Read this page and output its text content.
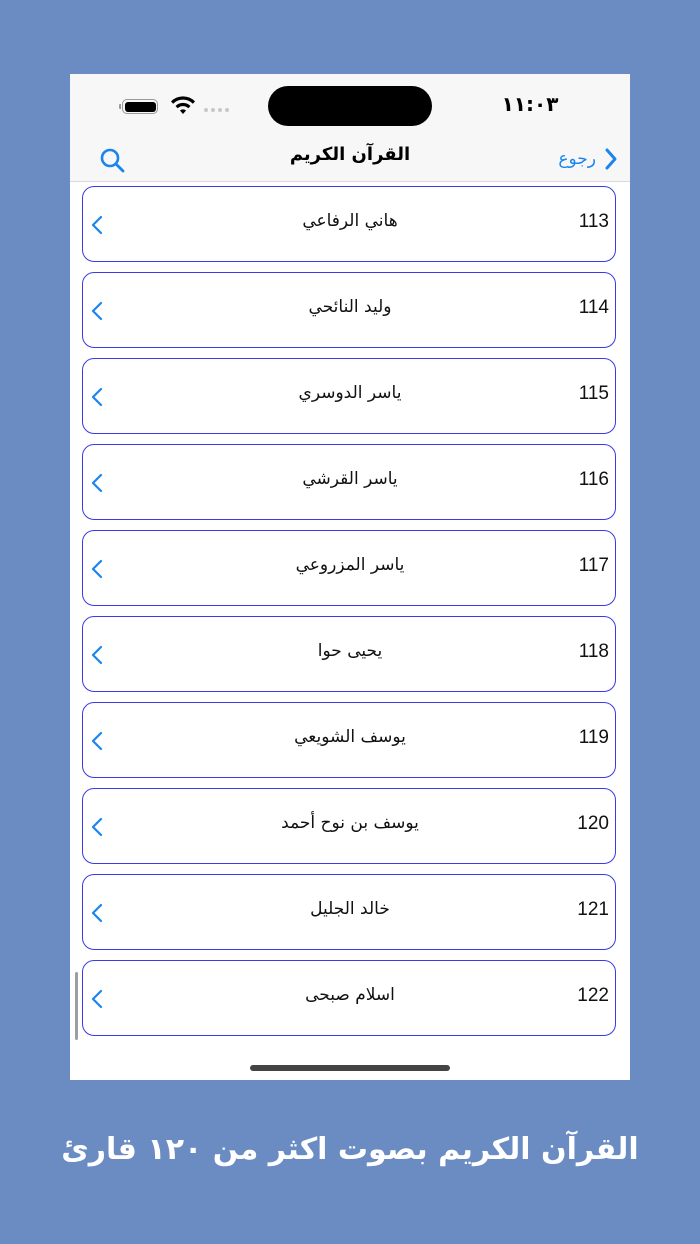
١١:٠٣
القرآن الكريم	رجوع
هاني الرفاعي	113
وليد النائحي	114
ياسر الدوسري	115
ياسر القرشي	116
ياسر المزروعي	117
يحيى حوا	118
يوسف الشويعي	119
يوسف بن نوح أحمد	120
خالد الجليل	121
اسلام صبحى	122
القرآن الكريم بصوت اكثر من ١٢٠ قارئ
